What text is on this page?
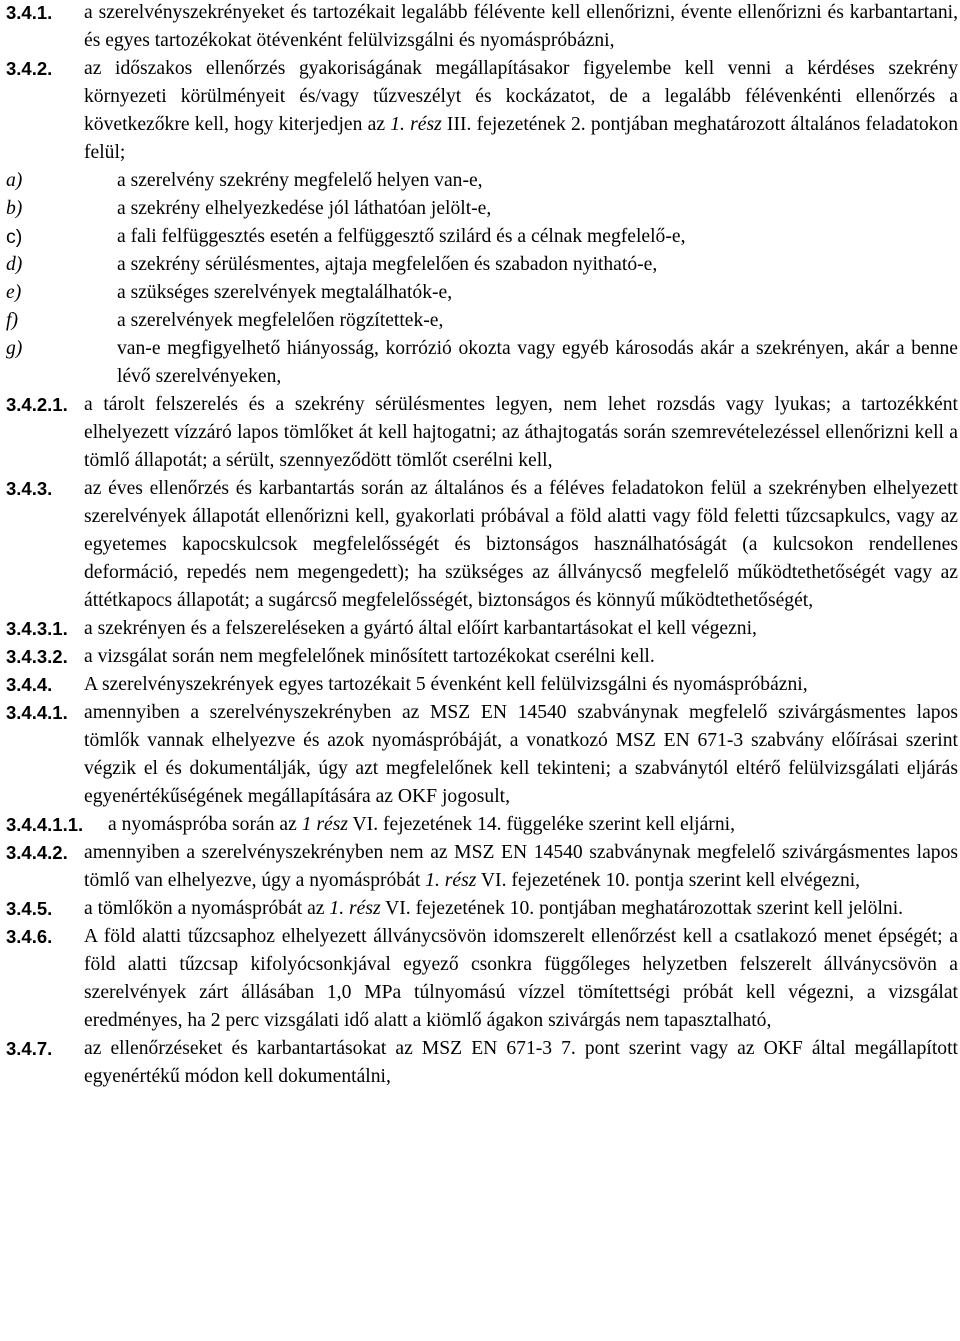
3.4.1. a szerelvényszekrényeket és tartozékait legalább félévente kell ellenőrizni, évente ellenőrizni és karbantartani, és egyes tartozékokat ötévenként felülvizsgálni és nyomáspróbázni,
3.4.2. az időszakos ellenőrzés gyakoriságának megállapításakor figyelembe kell venni a kérdéses szekrény környezeti körülményeit és/vagy tűzveszélyt és kockázatot, de a legalább félévenkénti ellenőrzés a következőkre kell, hogy kiterjedjen az 1. rész III. fejezetének 2. pontjában meghatározott általános feladatokon felül;
a)	a szerelvény szekrény megfelelő helyen van-e,
b)	a szekrény elhelyezkedése jól láthatóan jelölt-e,
c)	a fali felfüggesztés esetén a felfüggesztő szilárd és a célnak megfelelő-e,
d)	a szekrény sérülésmentes, ajtaja megfelelően és szabadon nyitható-e,
e)	a szükséges szerelvények megtalálhatók-e,
f)	a szerelvények megfelelően rögzítettek-e,
g)	van-e megfigyelhető hiányosság, korrózió okozta vagy egyéb károsodás akár a szekrényen, akár a benne lévő szerelvényeken,
3.4.2.1. a tárolt felszerelés és a szekrény sérülésmentes legyen, nem lehet rozsdás vagy lyukas; a tartozékként elhelyezett vízzáró lapos tömlőket át kell hajtogatni; az áthajtogatás során szemrevételezéssel ellenőrizni kell a tömlő állapotát; a sérült, szennyeződött tömlőt cserélni kell,
3.4.3. az éves ellenőrzés és karbantartás során az általános és a féléves feladatokon felül a szekrényben elhelyezett szerelvények állapotát ellenőrizni kell, gyakorlati próbával a föld alatti vagy föld feletti tűzcsapkulcs, vagy az egyetemes kapocskulcsok megfelelősségét és biztonságos használhatóságát (a kulcsokon rendellenes deformáció, repedés nem megengedett); ha szükséges az állványcső megfelelő működtethetőségét vagy az áttétkapocs állapotát; a sugárcső megfelelősségét, biztonságos és könnyű működtethetőségét,
3.4.3.1. a szekrényen és a felszereléseken a gyártó által előírt karbantartásokat el kell végezni,
3.4.3.2. a vizsgálat során nem megfelelőnek minősített tartozékokat cserélni kell.
3.4.4. A szerelvényszekrények egyes tartozékait 5 évenként kell felülvizsgálni és nyomáspróbázni,
3.4.4.1. amennyiben a szerelvényszekrényben az MSZ EN 14540 szabványnak megfelelő szivárgásmentes lapos tömlők vannak elhelyezve és azok nyomáspróbáját, a vonatkozó MSZ EN 671-3 szabvány előírásai szerint végzik el és dokumentálják, úgy azt megfelelőnek kell tekinteni; a szabványtól eltérő felülvizsgálati eljárás egyenértékűségének megállapítására az OKF jogosult,
3.4.4.1.1. a nyomáspróba során az 1 rész VI. fejezetének 14. függeléke szerint kell eljárni,
3.4.4.2. amennyiben a szerelvényszekrényben nem az MSZ EN 14540 szabványnak megfelelő szivárgásmentes lapos tömlő van elhelyezve, úgy a nyomáspróbát 1. rész VI. fejezetének 10. pontja szerint kell elvégezni,
3.4.5. a tömlőkön a nyomáspróbát az 1. rész VI. fejezetének 10. pontjában meghatározottak szerint kell jelölni.
3.4.6. A föld alatti tűzcsaphoz elhelyezett állványcsövön idomszerelt ellenőrzést kell a csatlakozó menet épségét; a föld alatti tűzcsap kifolyócsonkjával egyező csonkra függőleges helyzetben felszerelt állványcsövön a szerelvények zárt állásában 1,0 MPa túlnyomású vízzel tömítettségi próbát kell végezni, a vizsgálat eredményes, ha 2 perc vizsgálati idő alatt a kiömlő ágakon szivárgás nem tapasztalható,
3.4.7. az ellenőrzéseket és karbantartásokat az MSZ EN 671-3 7. pont szerint vagy az OKF által megállapított egyenértékű módon kell dokumentálni,
